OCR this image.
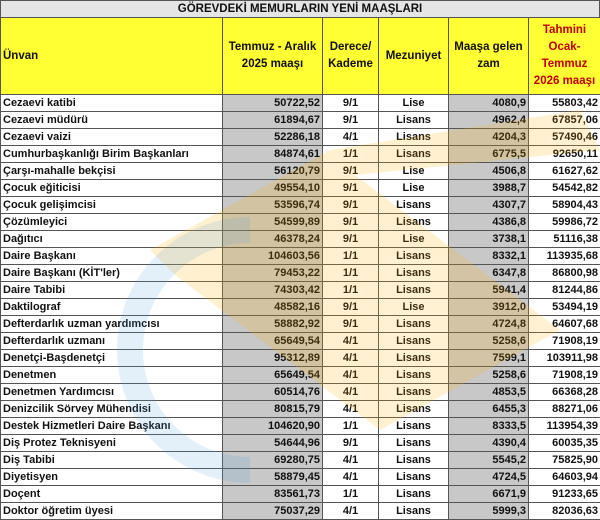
GÖREVDEKİ MEMURLARIN YENİ MAAŞLARI
Ünvan	Temmuz - Aralık 2025 maaşı	Derece/ Kademe	Mezuniyet	Maaşa gelen zam	Tahmini Ocak-Temmuz 2026 maaşı
Cezaevi katibi	50722,52	9/1	Lise	4080,9	55803,42
Cezaevi müdürü	61894,67	9/1	Lisans	4962,4	67857,06
Cezaevi vaizi	52286,18	4/1	Lisans	4204,3	57490,46
Cumhurbaşkanlığı Birim Başkanları	84874,61	1/1	Lisans	6775,5	92650,11
Çarşı-mahalle bekçisi	56120,79	9/1	Lise	4506,8	61627,62
Çocuk eğiticisi	49554,10	9/1	Lise	3988,7	54542,82
Çocuk gelişimcisi	53596,74	9/1	Lisans	4307,7	58904,43
Çözümleyici	54599,89	9/1	Lisans	4386,8	59986,72
Dağıtıcı	46378,24	9/1	Lise	3738,1	51116,38
Daire Başkanı	104603,56	1/1	Lisans	8332,1	113935,68
Daire Başkanı (KİT'ler)	79453,22	1/1	Lisans	6347,8	86800,98
Daire Tabibi	74303,42	1/1	Lisans	5941,4	81244,86
Daktilograf	48582,16	9/1	Lise	3912,0	53494,19
Defterdarlık uzman yardımcısı	58882,92	9/1	Lisans	4724,8	64607,68
Defterdarlık uzmanı	65649,54	4/1	Lisans	5258,6	71908,19
Denetçi-Başdenetçi	95312,89	4/1	Lisans	7599,1	103911,98
Denetmen	65649,54	4/1	Lisans	5258,6	71908,19
Denetmen Yardımcısı	60514,76	4/1	Lisans	4853,5	66368,28
Denizcilik Sörvey Mühendisi	80815,79	4/1	Lisans	6455,3	88271,06
Destek Hizmetleri Daire Başkanı	104620,90	1/1	Lisans	8333,5	113954,39
Diş Protez Teknisyeni	54644,96	9/1	Lisans	4390,4	60035,35
Diş Tabibi	69280,75	4/1	Lisans	5545,2	75825,90
Diyetisyen	58879,45	4/1	Lisans	4724,5	64603,94
Doçent	83561,73	1/1	Lisans	6671,9	91233,65
Doktor öğretim üyesi	75037,29	4/1	Lisans	5999,3	82036,63
